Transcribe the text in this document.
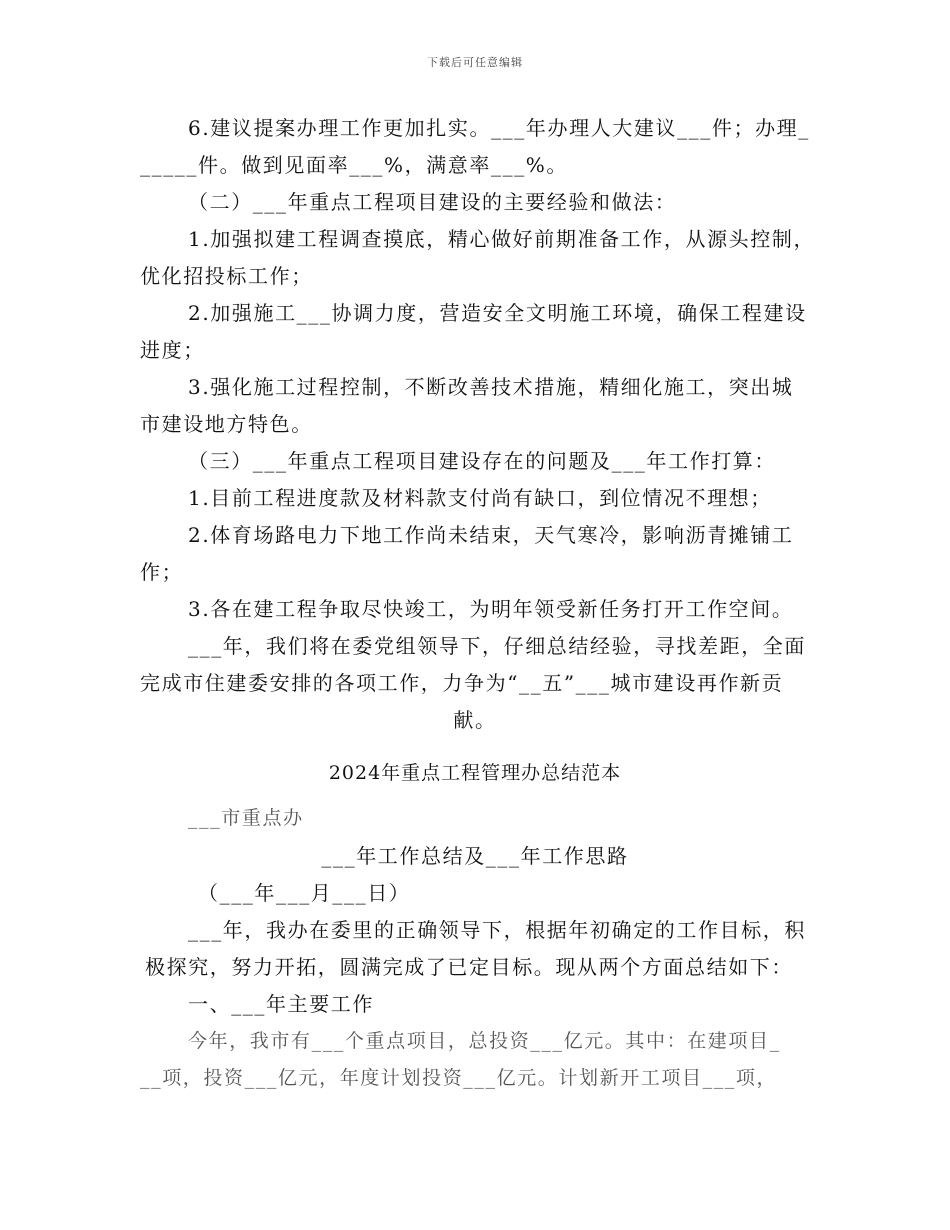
下载后可任意编辑
6.建议提案办理工作更加扎实。___年办理人大建议___件；办理_
_____件。做到见面率___%，满意率___%。
（二）___年重点工程项目建设的主要经验和做法：
1.加强拟建工程调查摸底，精心做好前期准备工作，从源头控制，
优化招投标工作；
2.加强施工___协调力度，营造安全文明施工环境，确保工程建设
进度；
3.强化施工过程控制，不断改善技术措施，精细化施工，突出城
市建设地方特色。
（三）___年重点工程项目建设存在的问题及___年工作打算：
1.目前工程进度款及材料款支付尚有缺口，到位情况不理想；
2.体育场路电力下地工作尚未结束，天气寒冷，影响沥青摊铺工
作；
3.各在建工程争取尽快竣工，为明年领受新任务打开工作空间。
___年，我们将在委党组领导下，仔细总结经验，寻找差距，全面
完成市住建委安排的各项工作，力争为“__五”___城市建设再作新贡
献。
2024年重点工程管理办总结范本
___市重点办
___年工作总结及___年工作思路
（___年___月___日）
___年，我办在委里的正确领导下，根据年初确定的工作目标，积
极探究，努力开拓，圆满完成了已定目标。现从两个方面总结如下：
一、___年主要工作
今年，我市有___个重点项目，总投资___亿元。其中：在建项目_
__项，投资___亿元，年度计划投资___亿元。计划新开工项目___项，
